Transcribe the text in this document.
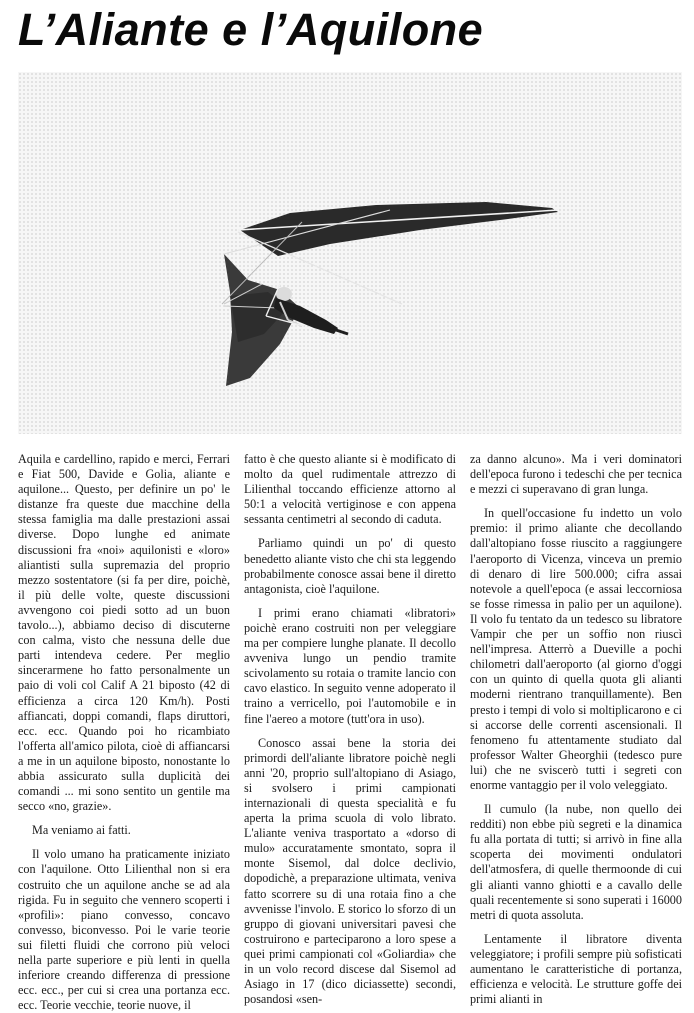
L’Aliante e l’Aquilone

Aquila e cardellino, rapido e merci, Ferrari e Fiat 500, Davide e Golia, aliante e aquilone... Questo, per definire un po' le distanze fra queste due macchine della stessa famiglia ma dalle prestazioni assai diverse. Dopo lunghe ed animate discussioni fra «noi» aquilonisti e «loro» aliantisti sulla supremazia del proprio mezzo sostentatore (si fa per dire, poichè, il più delle volte, queste discussioni avvengono coi piedi sotto ad un buon tavolo...), abbiamo deciso di discuterne con calma, visto che nessuna delle due parti intendeva cedere. Per meglio sincerarmene ho fatto personalmente un paio di voli col Calif A 21 biposto (42 di efficienza a circa 120 Km/h). Posti affiancati, doppi comandi, flaps diruttori, ecc. ecc. Quando poi ho ricambiato l'offerta all'amico pilota, cioè di affiancarsi a me in un aquilone biposto, nonostante lo abbia assicurato sulla duplicità dei comandi ... mi sono sentito un gentile ma secco «no, grazie».

Ma veniamo ai fatti.

Il volo umano ha praticamente iniziato con l'aquilone. Otto Lilienthal non si era costruito che un aquilone anche se ad ala rigida. Fu in seguito che vennero scoperti i «profili»: piano convesso, concavo convesso, biconvesso. Poi le varie teorie sui filetti fluidi che corrono più veloci nella parte superiore e più lenti in quella inferiore creando differenza di pressione ecc. ecc., per cui si crea una portanza ecc. ecc. Teorie vecchie, teorie nuove, il

fatto è che questo aliante si è modificato di molto da quel rudimentale attrezzo di Lilienthal toccando efficienze attorno al 50:1 a velocità vertiginose e con appena sessanta centimetri al secondo di caduta.

Parliamo quindi un po' di questo benedetto aliante visto che chi sta leggendo probabilmente conosce assai bene il diretto antagonista, cioè l'aquilone.

I primi erano chiamati «libratori» poichè erano costruiti non per veleggiare ma per compiere lunghe planate. Il decollo avveniva lungo un pendio tramite scivolamento su rotaia o tramite lancio con cavo elastico. In seguito venne adoperato il traino a verricello, poi l'automobile e in fine l'aereo a motore (tutt'ora in uso).

Conosco assai bene la storia dei primordi dell'aliante libratore poichè negli anni '20, proprio sull'altopiano di Asiago, si svolsero i primi campionati internazionali di questa specialità e fu aperta la prima scuola di volo librato. L'aliante veniva trasportato a «dorso di mulo» accuratamente smontato, sopra il monte Sisemol, dal dolce declivio, dopodichè, a preparazione ultimata, veniva fatto scorrere su di una rotaia fino a che avvenisse l'involo. E storico lo sforzo di un gruppo di giovani universitari pavesi che costruirono e parteciparono a loro spese a quei primi campionati col «Goliardia» che in un volo record discese dal Sisemol ad Asiago in 17 (dico diciassette) secondi, posandosi «sen-

za danno alcuno». Ma i veri dominatori dell'epoca furono i tedeschi che per tecnica e mezzi ci superavano di gran lunga.

In quell'occasione fu indetto un volo premio: il primo aliante che decollando dall'altopiano fosse riuscito a raggiungere l'aeroporto di Vicenza, vinceva un premio di denaro di lire 500.000; cifra assai notevole a quell'epoca (e assai leccorniosa se fosse rimessa in palio per un aquilone). Il volo fu tentato da un tedesco su libratore Vampir che per un soffio non riuscì nell'impresa. Atterrò a Dueville a pochi chilometri dall'aeroporto (al giorno d'oggi con un quinto di quella quota gli alianti moderni rientrano tranquillamente). Ben presto i tempi di volo si moltiplicarono e ci si accorse delle correnti ascensionali. Il fenomeno fu attentamente studiato dal professor Walter Gheorghii (tedesco pure lui) che ne sviscerò tutti i segreti con enorme vantaggio per il volo veleggiato.

Il cumulo (la nube, non quello dei redditi) non ebbe più segreti e la dinamica fu alla portata di tutti; si arrivò in fine alla scoperta dei movimenti ondulatori dell'atmosfera, di quelle thermoonde di cui gli alianti vanno ghiotti e a cavallo delle quali recentemente si sono superati i 16000 metri di quota assoluta.

Lentamente il libratore diventa veleggiatore; i profili sempre più sofisticati aumentano le caratteristiche di portanza, efficienza e velocità. Le strutture goffe dei primi alianti in
